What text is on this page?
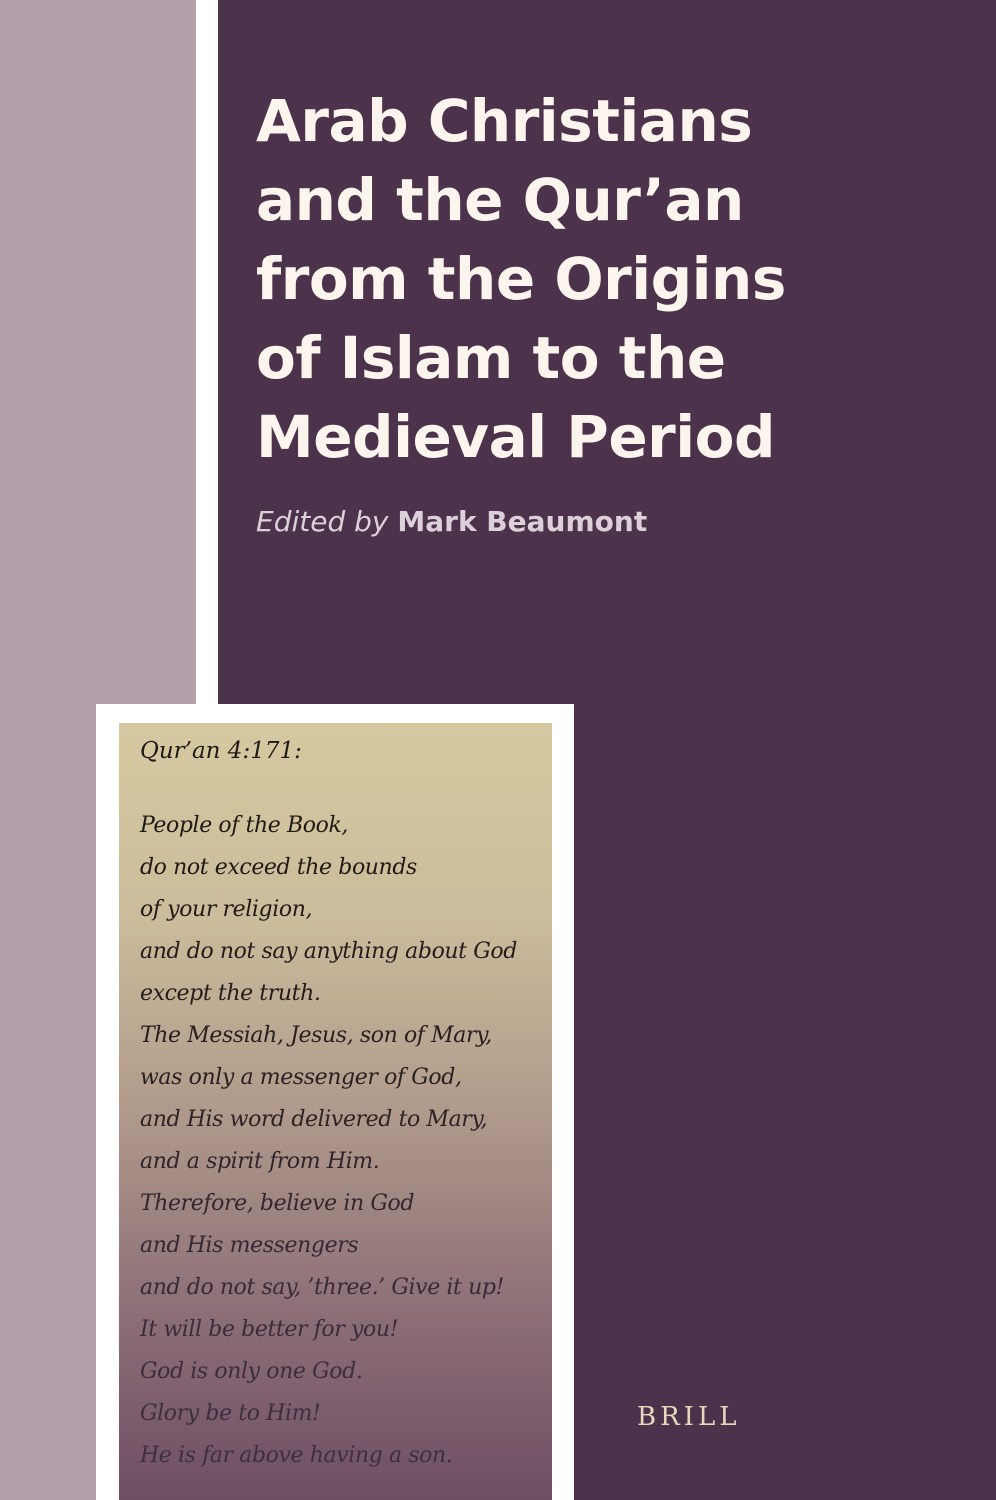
Arab Christians
and the Qur’an
from the Origins
of Islam to the
Medieval Period
Edited by Mark Beaumont
Qur’an 4:171:
People of the Book,
do not exceed the bounds
of your religion,
and do not say anything about God
except the truth.
The Messiah, Jesus, son of Mary,
was only a messenger of God,
and His word delivered to Mary,
and a spirit from Him.
Therefore, believe in God
and His messengers
and do not say, ’three.’ Give it up!
It will be better for you!
God is only one God.
Glory be to Him!
He is far above having a son.
BRILL
